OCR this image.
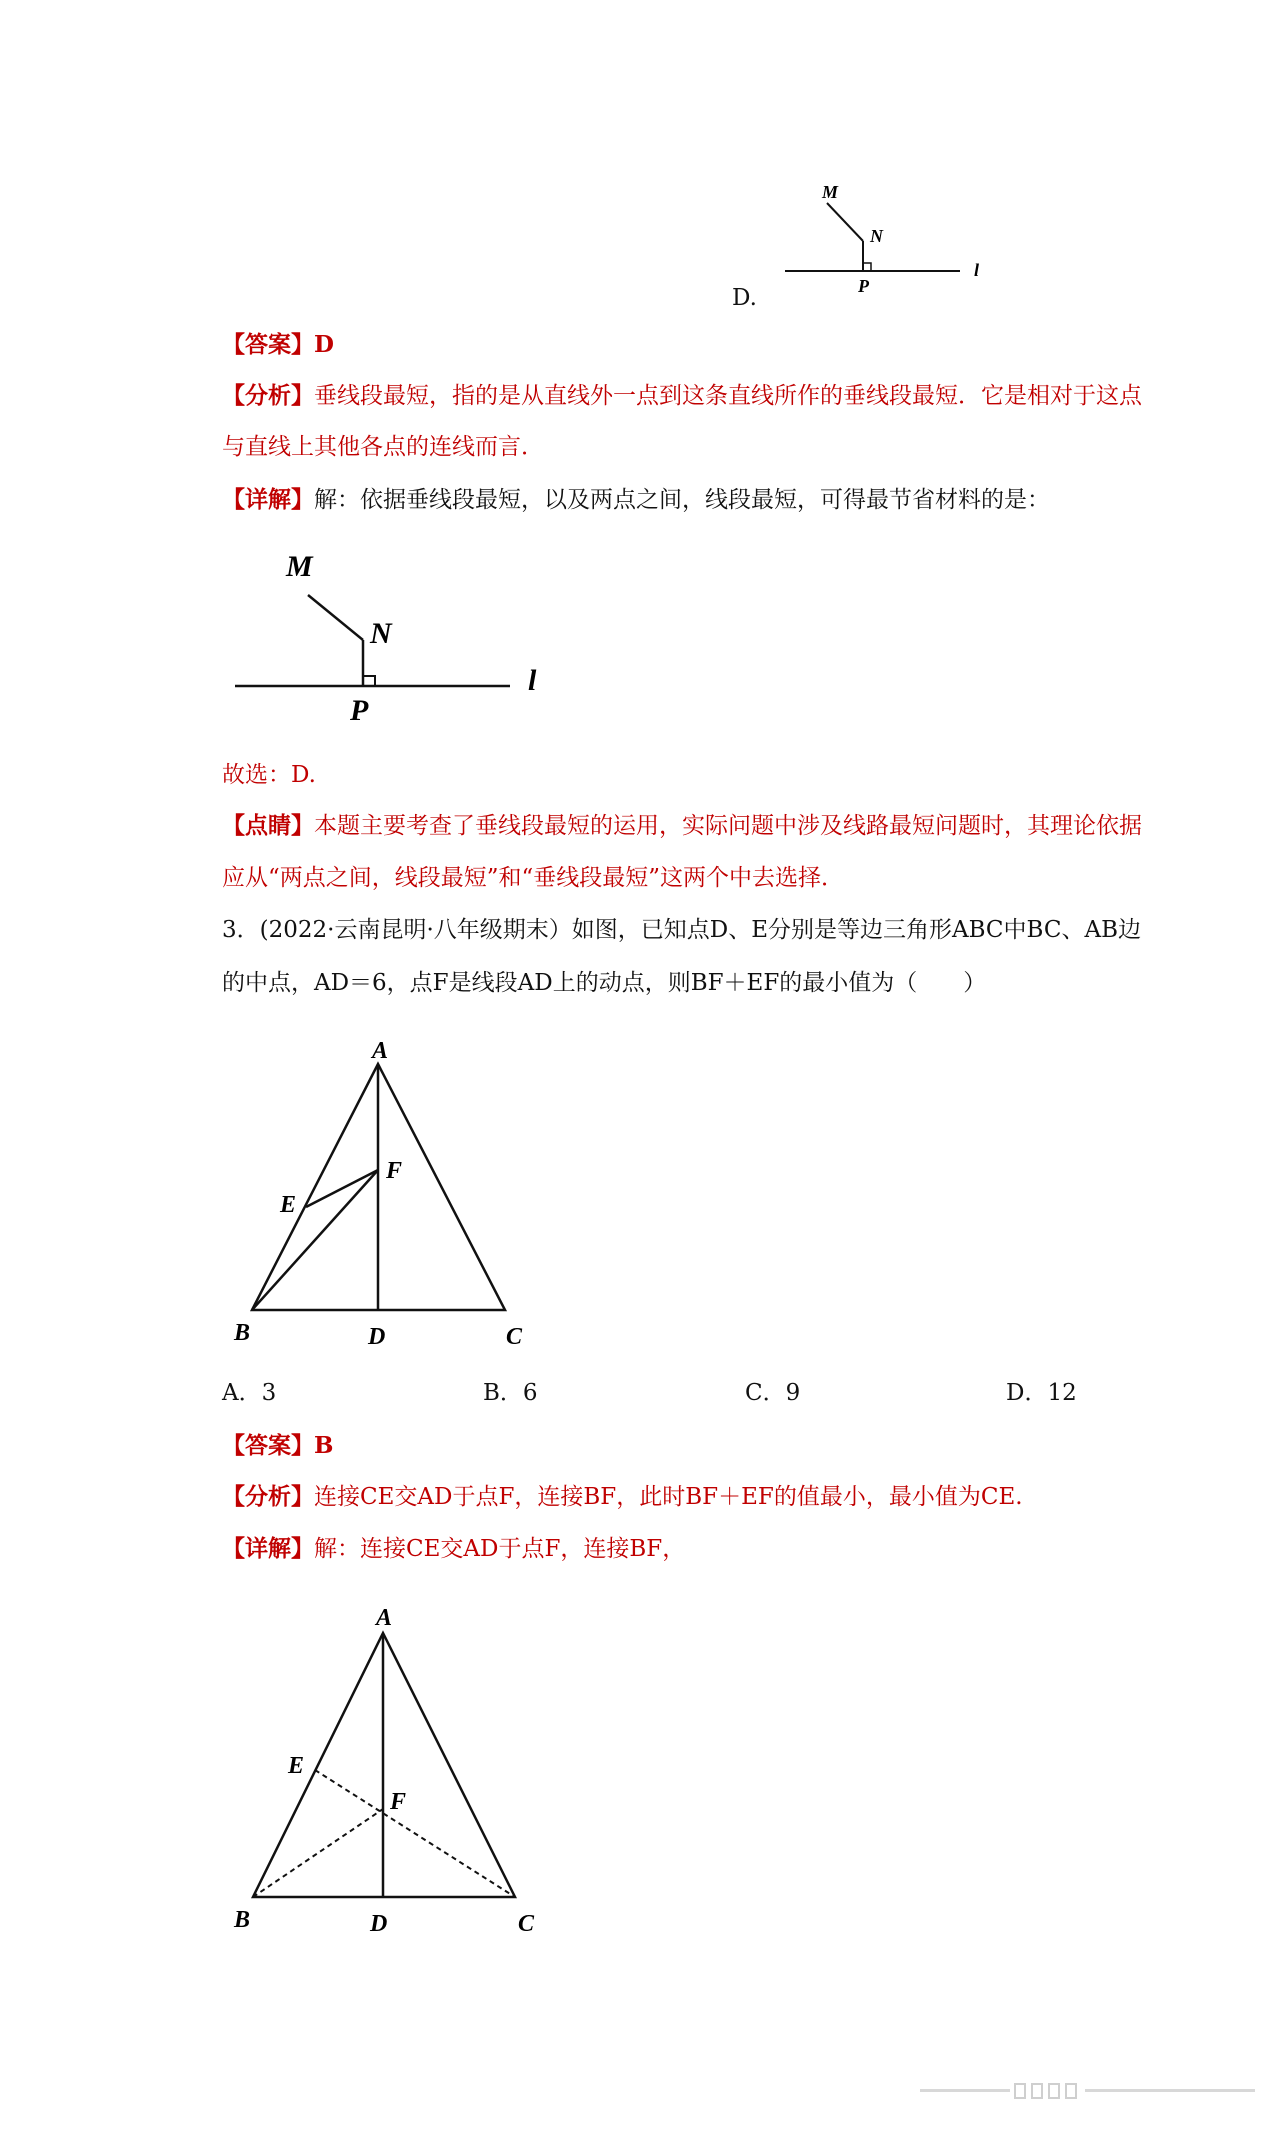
D.
M
N
P
l
【答案】D
【分析】垂线段最短，指的是从直线外一点到这条直线所作的垂线段最短．它是相对于这点
与直线上其他各点的连线而言．
【详解】解：依据垂线段最短，以及两点之间，线段最短，可得最节省材料的是：
M
N
P
l
故选：D.
【点睛】本题主要考查了垂线段最短的运用，实际问题中涉及线路最短问题时，其理论依据
应从“两点之间，线段最短”和“垂线段最短”这两个中去选择．
3．(2022·云南昆明·八年级期末）如图，已知点D、E分别是等边三角形ABC中BC、AB边
的中点，AD＝6，点F是线段AD上的动点，则BF＋EF的最小值为（　　）
A
B	C
D
E
F
A．3	B．6	C．9	D．12
【答案】B
【分析】连接CE交AD于点F，连接BF，此时BF＋EF的值最小，最小值为CE.
【详解】解：连接CE交AD于点F，连接BF，
A
B	C
D
E
F
